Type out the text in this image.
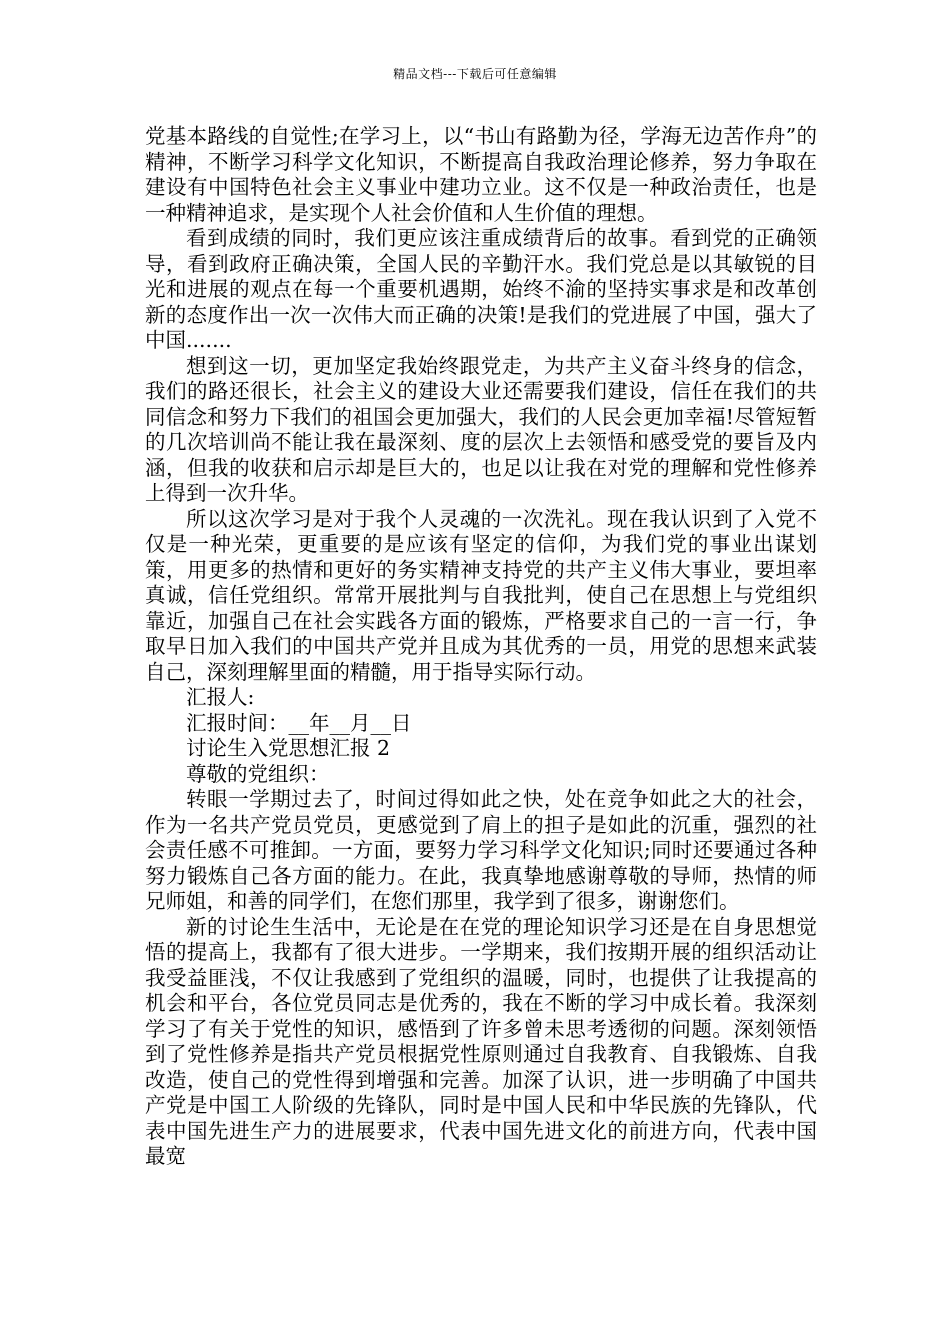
精品文档---下载后可任意编辑

党基本路线的自觉性;在学习上，以“书山有路勤为径，学海无边苦作舟”的精神，不断学习科学文化知识，不断提高自我政治理论修养，努力争取在建设有中国特色社会主义事业中建功立业。这不仅是一种政治责任，也是一种精神追求，是实现个人社会价值和人生价值的理想。

看到成绩的同时，我们更应该注重成绩背后的故事。看到党的正确领导，看到政府正确决策，全国人民的辛勤汗水。我们党总是以其敏锐的目光和进展的观点在每一个重要机遇期，始终不渝的坚持实事求是和改革创新的态度作出一次一次伟大而正确的决策!是我们的党进展了中国，强大了中国.......

想到这一切，更加坚定我始终跟党走，为共产主义奋斗终身的信念，我们的路还很长，社会主义的建设大业还需要我们建设，信任在我们的共同信念和努力下我们的祖国会更加强大，我们的人民会更加幸福!尽管短暂的几次培训尚不能让我在最深刻、度的层次上去领悟和感受党的要旨及内涵，但我的收获和启示却是巨大的，也足以让我在对党的理解和党性修养上得到一次升华。

所以这次学习是对于我个人灵魂的一次洗礼。现在我认识到了入党不仅是一种光荣，更重要的是应该有坚定的信仰，为我们党的事业出谋划策，用更多的热情和更好的务实精神支持党的共产主义伟大事业，要坦率真诚，信任党组织。常常开展批判与自我批判，使自己在思想上与党组织靠近，加强自己在社会实践各方面的锻炼，严格要求自己的一言一行，争取早日加入我们的中国共产党并且成为其优秀的一员，用党的思想来武装自己，深刻理解里面的精髓，用于指导实际行动。

汇报人:

汇报时间：__年__月__日

讨论生入党思想汇报 2

尊敬的党组织：

转眼一学期过去了，时间过得如此之快，处在竞争如此之大的社会，作为一名共产党员党员，更感觉到了肩上的担子是如此的沉重，强烈的社会责任感不可推卸。一方面，要努力学习科学文化知识;同时还要通过各种努力锻炼自己各方面的能力。在此，我真挚地感谢尊敬的导师，热情的师兄师姐，和善的同学们，在您们那里，我学到了很多，谢谢您们。

新的讨论生生活中，无论是在在党的理论知识学习还是在自身思想觉悟的提高上，我都有了很大进步。一学期来，我们按期开展的组织活动让我受益匪浅，不仅让我感到了党组织的温暖，同时，也提供了让我提高的机会和平台，各位党员同志是优秀的，我在不断的学习中成长着。我深刻学习了有关于党性的知识，感悟到了许多曾未思考透彻的问题。深刻领悟到了党性修养是指共产党员根据党性原则通过自我教育、自我锻炼、自我改造，使自己的党性得到增强和完善。加深了认识，进一步明确了中国共产党是中国工人阶级的先锋队，同时是中国人民和中华民族的先锋队，代表中国先进生产力的进展要求，代表中国先进文化的前进方向，代表中国最宽
